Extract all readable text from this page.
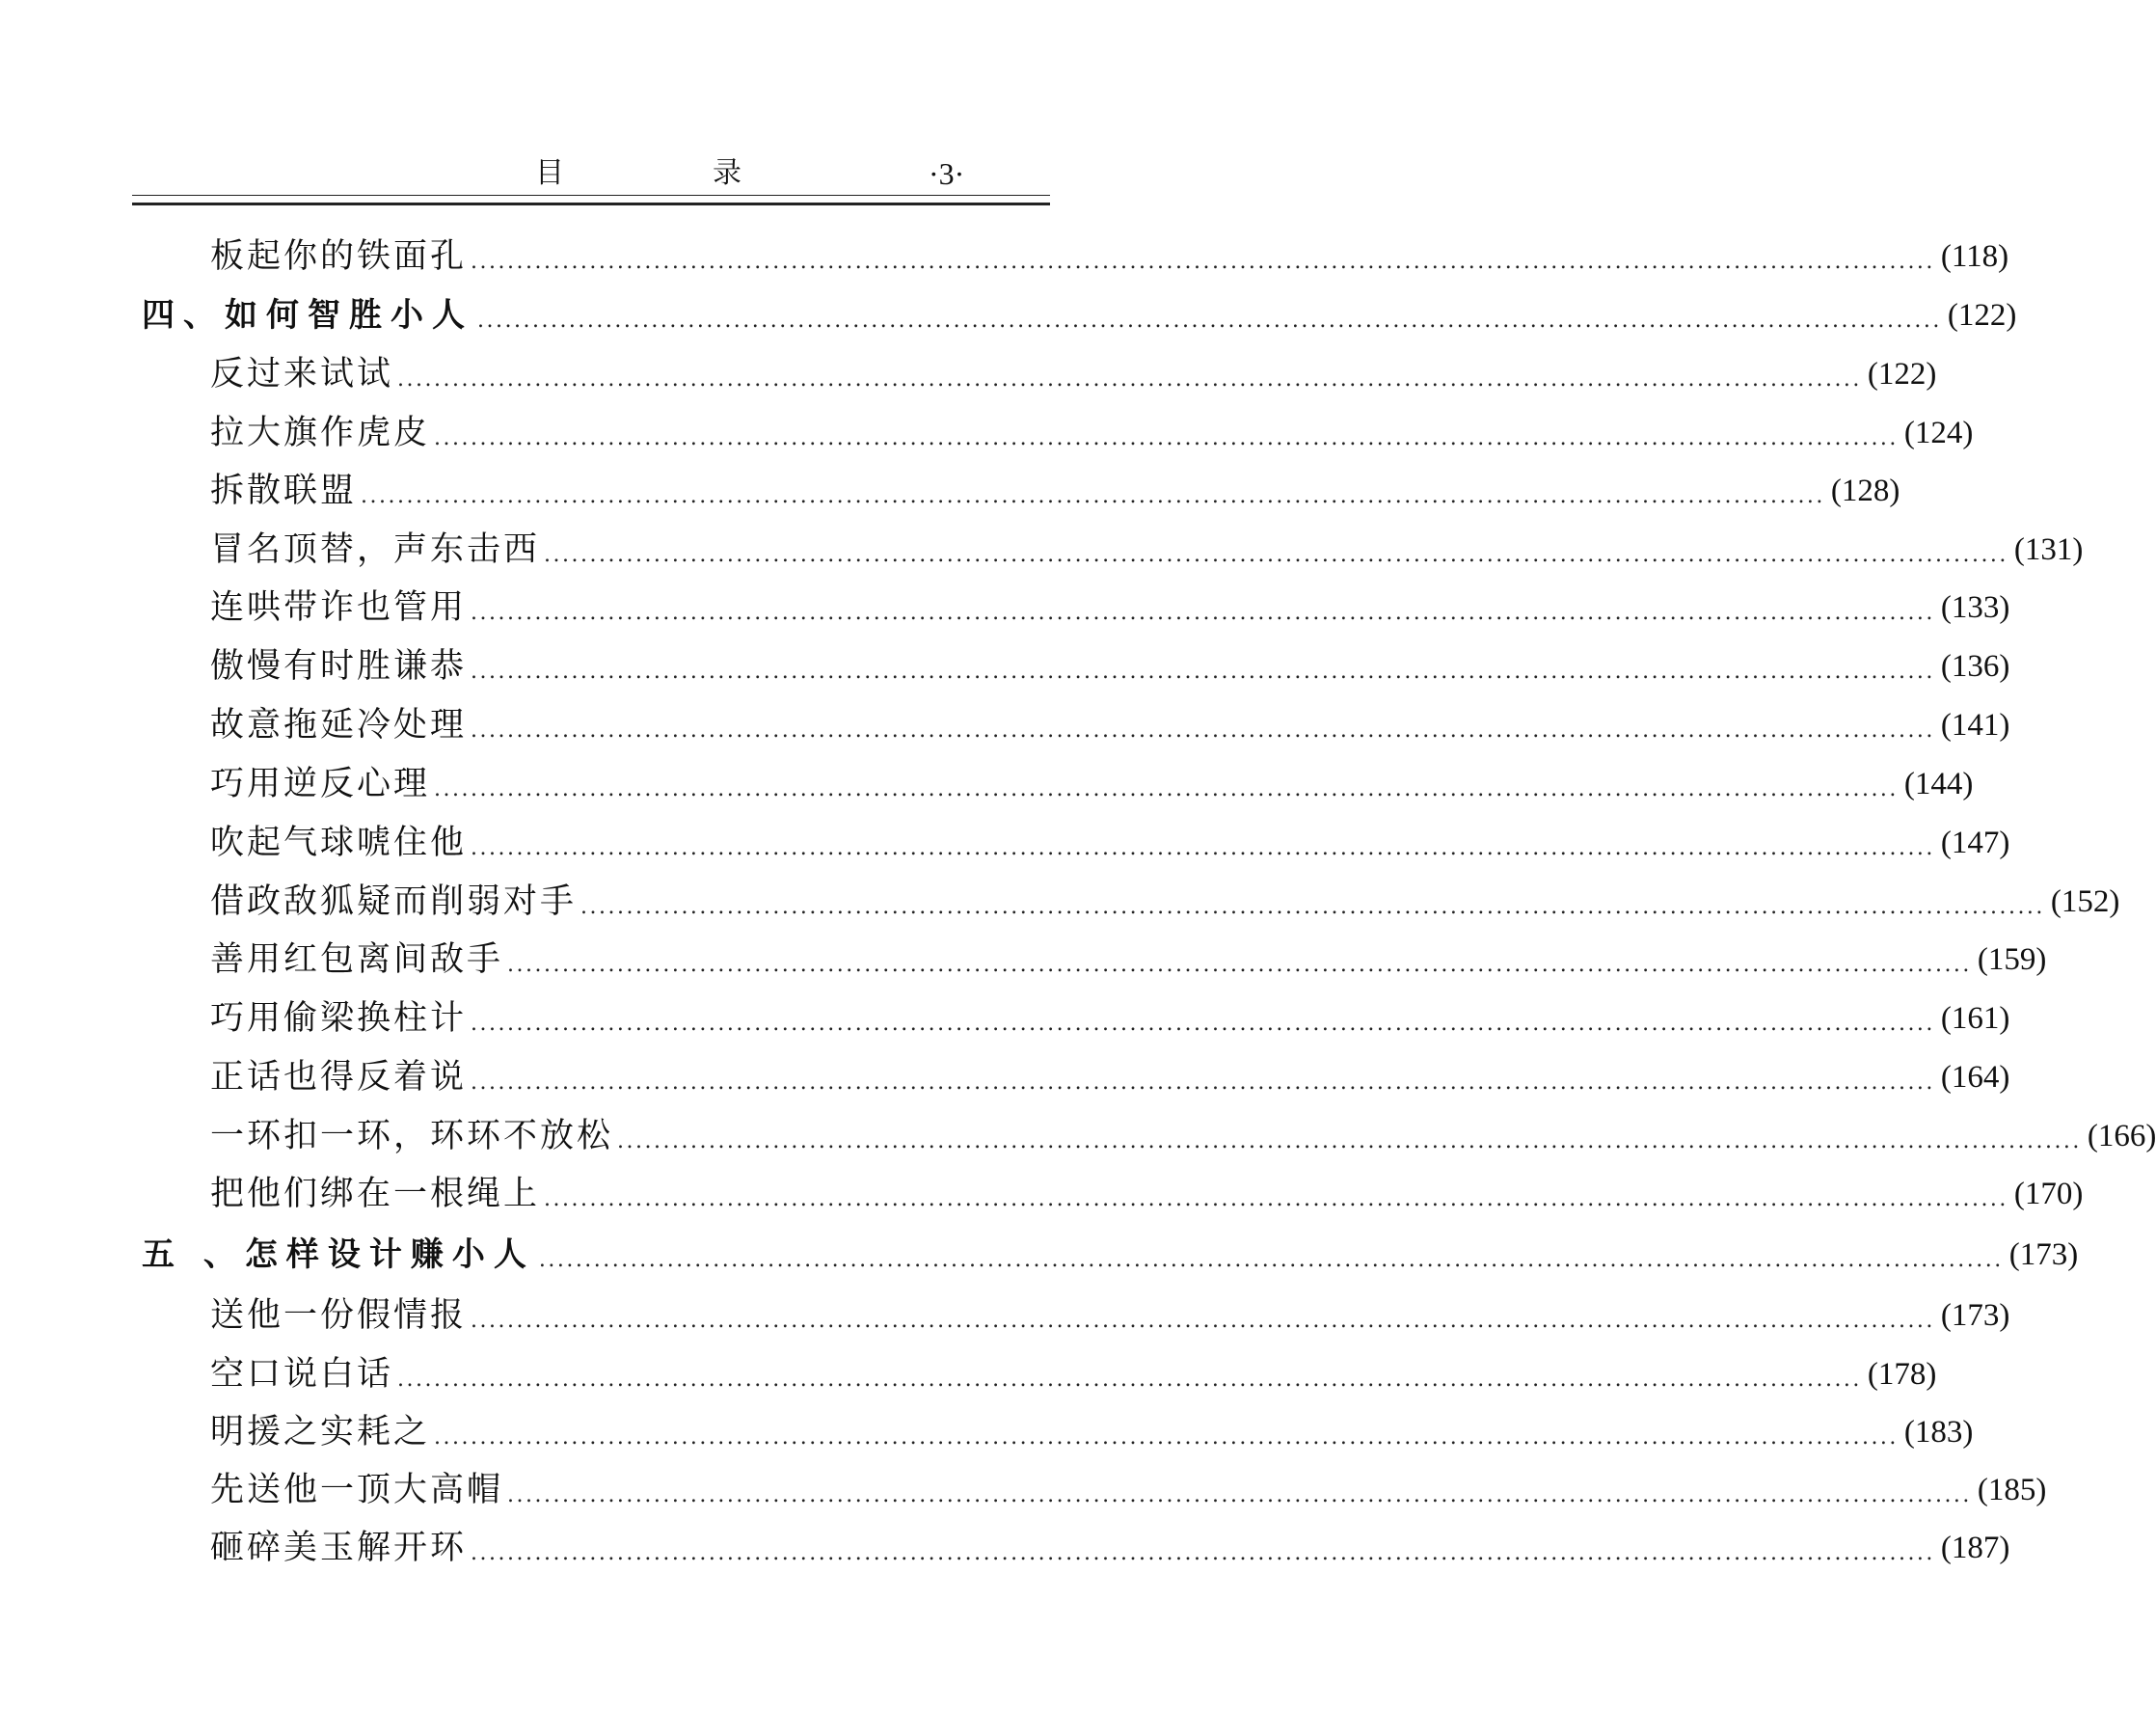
目　录	·3·
板起你的铁面孔 ................................................................................................................................................................ (118)
四、如何智胜小人 ................................................................................................................................................................ (122)
反过来试试 ................................................................................................................................................................ (122)
拉大旗作虎皮 ................................................................................................................................................................ (124)
拆散联盟 ................................................................................................................................................................ (128)
冒名顶替，声东击西 ................................................................................................................................................................ (131)
连哄带诈也管用 ................................................................................................................................................................ (133)
傲慢有时胜谦恭 ................................................................................................................................................................ (136)
故意拖延冷处理 ................................................................................................................................................................ (141)
巧用逆反心理 ................................................................................................................................................................ (144)
吹起气球唬住他 ................................................................................................................................................................ (147)
借政敌狐疑而削弱对手 ................................................................................................................................................................ (152)
善用红包离间敌手 ................................................................................................................................................................ (159)
巧用偷梁换柱计 ................................................................................................................................................................ (161)
正话也得反着说 ................................................................................................................................................................ (164)
一环扣一环，环环不放松 ................................................................................................................................................................ (166)
把他们绑在一根绳上 ................................................................................................................................................................ (170)
五 、怎样设计赚小人 ................................................................................................................................................................ (173)
送他一份假情报 ................................................................................................................................................................ (173)
空口说白话 ................................................................................................................................................................ (178)
明援之实耗之 ................................................................................................................................................................ (183)
先送他一顶大高帽 ................................................................................................................................................................ (185)
砸碎美玉解开环 ................................................................................................................................................................ (187)
